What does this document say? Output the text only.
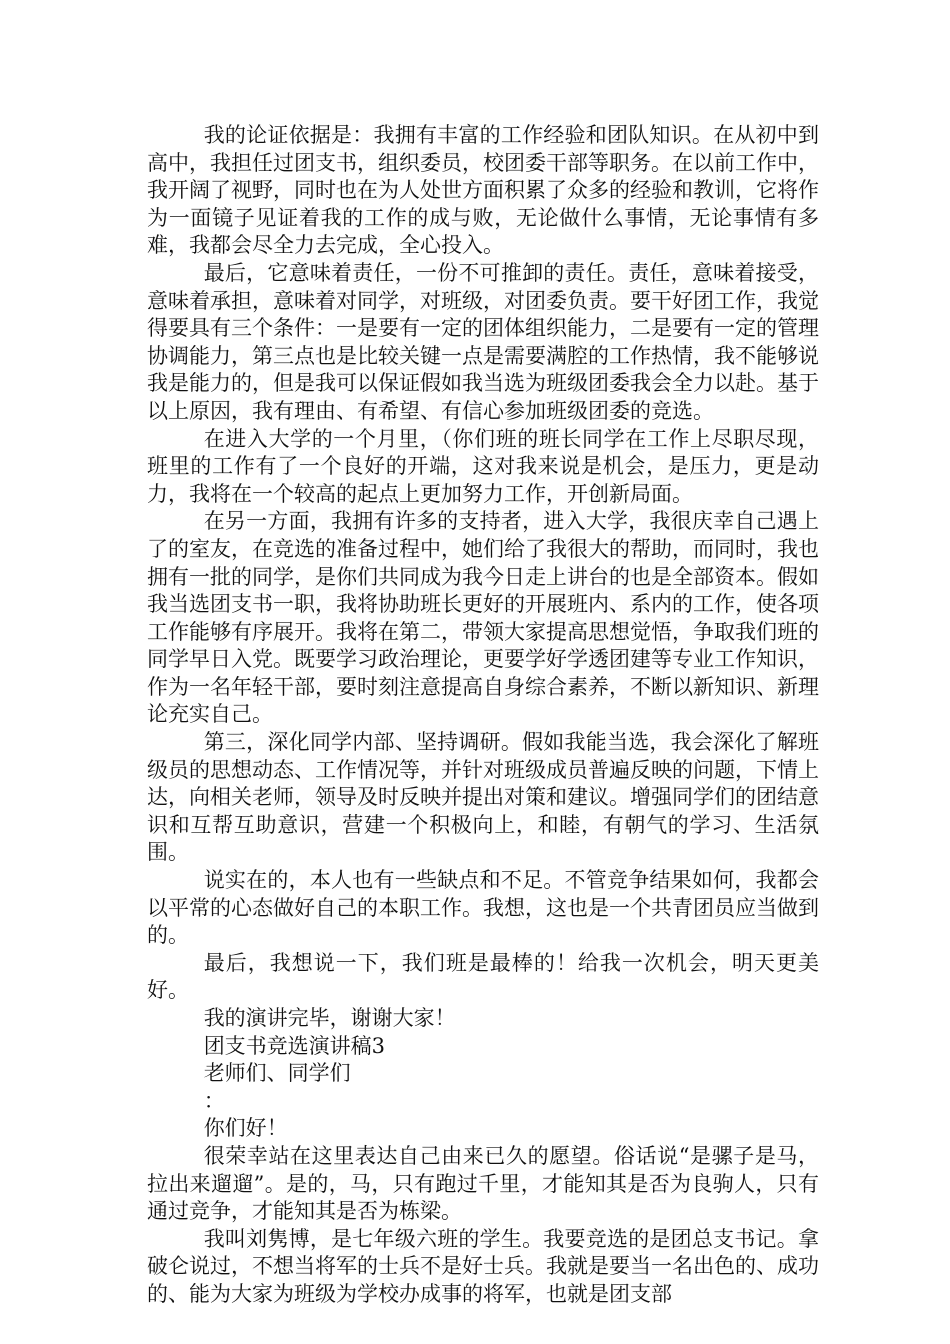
我的论证依据是：我拥有丰富的工作经验和团队知识。在从初中到高中，我担任过团支书，组织委员，校团委干部等职务。在以前工作中，我开阔了视野，同时也在为人处世方面积累了众多的经验和教训，它将作为一面镜子见证着我的工作的成与败，无论做什么事情，无论事情有多难，我都会尽全力去完成，全心投入。

最后，它意味着责任，一份不可推卸的责任。责任，意味着接受，意味着承担，意味着对同学，对班级，对团委负责。要干好团工作，我觉得要具有三个条件：一是要有一定的团体组织能力，二是要有一定的管理协调能力，第三点也是比较关键一点是需要满腔的工作热情，我不能够说我是能力的，但是我可以保证假如我当选为班级团委我会全力以赴。基于以上原因，我有理由、有希望、有信心参加班级团委的竞选。

在进入大学的一个月里，（你们班的班长同学在工作上尽职尽现，班里的工作有了一个良好的开端，这对我来说是机会，是压力，更是动力，我将在一个较高的起点上更加努力工作，开创新局面。

在另一方面，我拥有许多的支持者，进入大学，我很庆幸自己遇上了的室友，在竞选的准备过程中，她们给了我很大的帮助，而同时，我也拥有一批的同学，是你们共同成为我今日走上讲台的也是全部资本。假如我当选团支书一职，我将协助班长更好的开展班内、系内的工作，使各项工作能够有序展开。我将在第二，带领大家提高思想觉悟，争取我们班的同学早日入党。既要学习政治理论，更要学好学透团建等专业工作知识，作为一名年轻干部，要时刻注意提高自身综合素养，不断以新知识、新理论充实自己。

第三，深化同学内部、坚持调研。假如我能当选，我会深化了解班级员的思想动态、工作情况等，并针对班级成员普遍反映的问题，下情上达，向相关老师，领导及时反映并提出对策和建议。增强同学们的团结意识和互帮互助意识，营建一个积极向上，和睦，有朝气的学习、生活氛围。

说实在的，本人也有一些缺点和不足。不管竞争结果如何，我都会以平常的心态做好自己的本职工作。我想，这也是一个共青团员应当做到的。

最后，我想说一下，我们班是最棒的！给我一次机会，明天更美好。

我的演讲完毕，谢谢大家！

团支书竞选演讲稿3

老师们、同学们

：

你们好！

很荣幸站在这里表达自己由来已久的愿望。俗话说“是骡子是马，拉出来遛遛”。是的，马，只有跑过千里，才能知其是否为良驹人，只有通过竞争，才能知其是否为栋梁。

我叫刘隽博，是七年级六班的学生。我要竞选的是团总支书记。拿破仑说过，不想当将军的士兵不是好士兵。我就是要当一名出色的、成功的、能为大家为班级为学校办成事的将军，也就是团支部
